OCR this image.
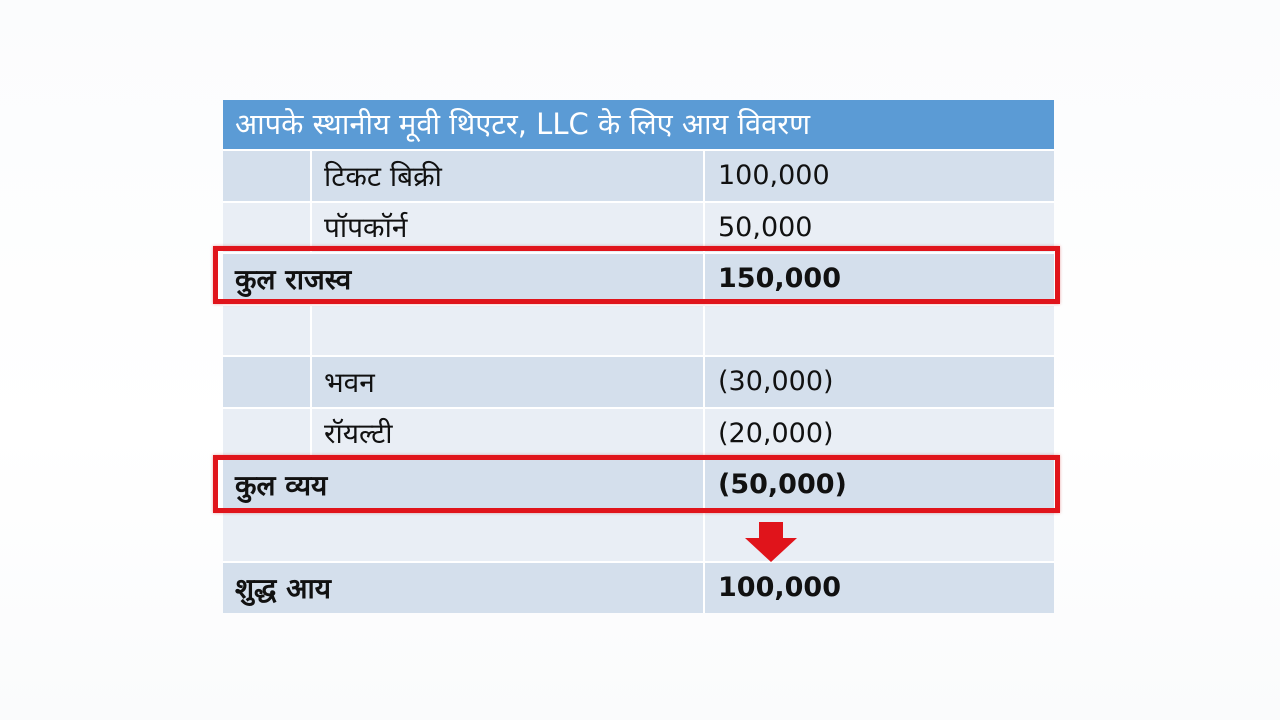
आपके स्थानीय मूवी थिएटर, LLC के लिए आय विवरण
टिकट बिक्री	100,000
पॉपकॉर्न	50,000
कुल राजस्व	150,000
भवन	(30,000)
रॉयल्टी	(20,000)
कुल व्यय	(50,000)
शुद्ध आय	100,000
